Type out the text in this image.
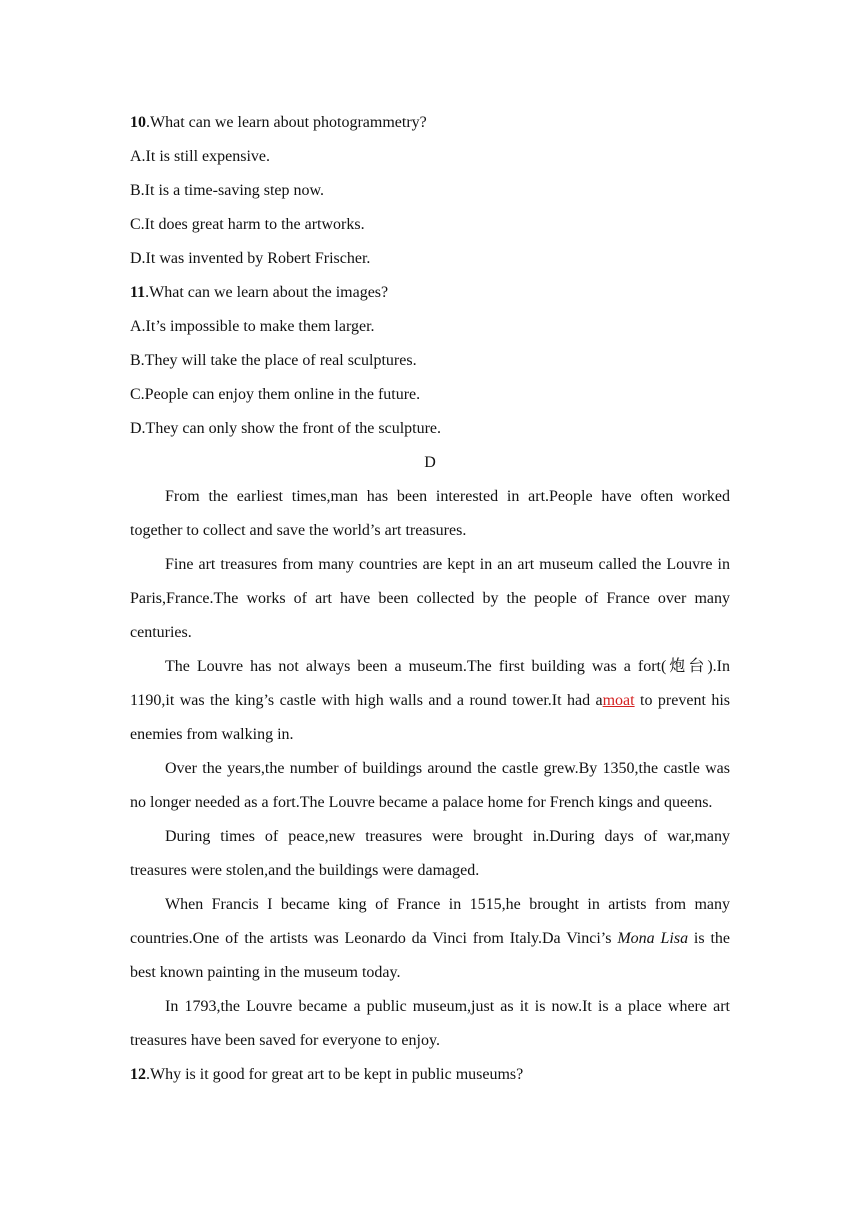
10.What can we learn about photogrammetry?
A.It is still expensive.
B.It is a time-saving step now.
C.It does great harm to the artworks.
D.It was invented by Robert Frischer.
11.What can we learn about the images?
A.It’s impossible to make them larger.
B.They will take the place of real sculptures.
C.People can enjoy them online in the future.
D.They can only show the front of the sculpture.
D

From the earliest times,man has been interested in art.People have often worked together to collect and save the world’s art treasures.

Fine art treasures from many countries are kept in an art museum called the Louvre in Paris,France.The works of art have been collected by the people of France over many centuries.

The Louvre has not always been a museum.The first building was a fort(炮台).In 1190,it was the king’s castle with high walls and a round tower.It had amoat to prevent his enemies from walking in.

Over the years,the number of buildings around the castle grew.By 1350,the castle was no longer needed as a fort.The Louvre became a palace home for French kings and queens.

During times of peace,new treasures were brought in.During days of war,many treasures were stolen,and the buildings were damaged.

When Francis I became king of France in 1515,he brought in artists from many countries.One of the artists was Leonardo da Vinci from Italy.Da Vinci’s Mona Lisa is the best known painting in the museum today.

In 1793,the Louvre became a public museum,just as it is now.It is a place where art treasures have been saved for everyone to enjoy.

12.Why is it good for great art to be kept in public museums?
